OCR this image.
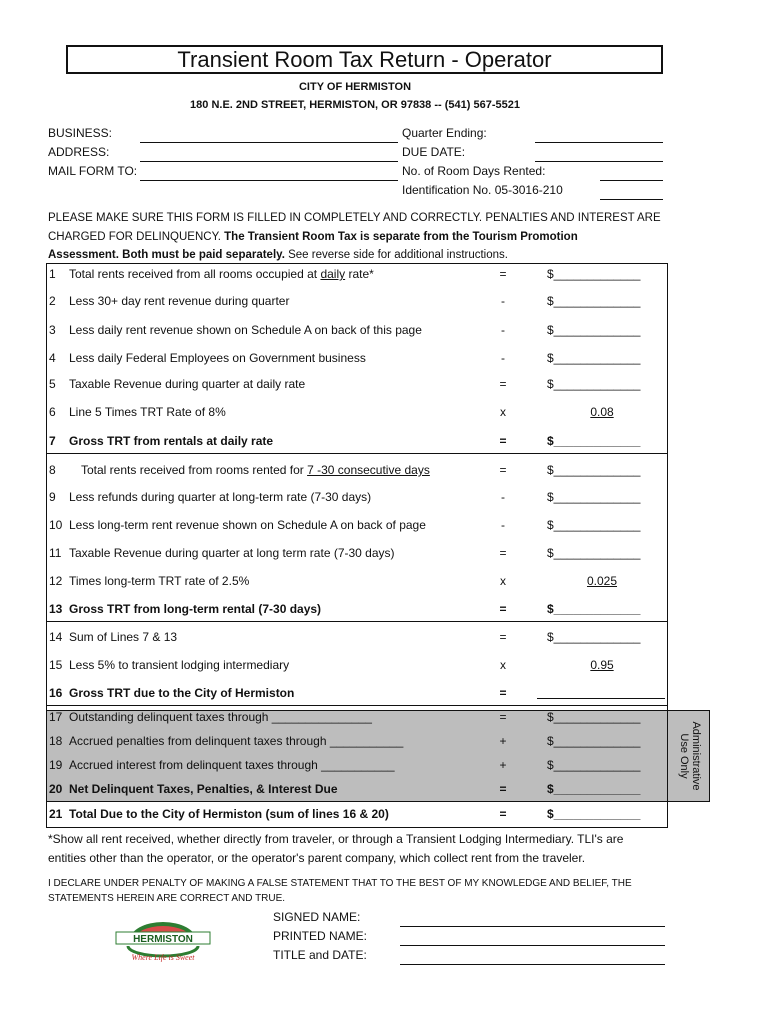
Transient Room Tax Return - Operator
CITY OF HERMISTON
180 N.E. 2ND STREET, HERMISTON, OR 97838 -- (541) 567-5521
BUSINESS:
ADDRESS:
MAIL FORM TO:
Quarter Ending:
DUE DATE:
No. of Room Days Rented:
Identification No. 05-3016-210
PLEASE MAKE SURE THIS FORM IS FILLED IN COMPLETELY AND CORRECTLY. PENALTIES AND INTEREST ARE
CHARGED FOR DELINQUENCY. The Transient Room Tax is separate from the Tourism Promotion
Assessment. Both must be paid separately. See reverse side for additional instructions.
Administrative Use Only
1 Total rents received from all rooms occupied at daily rate*	=	$_____________
2 Less 30+ day rent revenue during quarter	-	$_____________
3 Less daily rent revenue shown on Schedule A on back of this page	-	$_____________
4 Less daily Federal Employees on Government business	-	$_____________
5 Taxable Revenue during quarter at daily rate	=	$_____________
6 Line 5 Times TRT Rate of 8%	x	0.08
7 Gross TRT from rentals at daily rate	=	$_____________
8 Total rents received from rooms rented for 7 -30 consecutive days	=	$_____________
9 Less refunds during quarter at long-term rate (7-30 days)	-	$_____________
10 Less long-term rent revenue shown on Schedule A on back of page	-	$_____________
11 Taxable Revenue during quarter at long term rate (7-30 days)	=	$_____________
12 Times long-term TRT rate of 2.5%	x	0.025
13 Gross TRT from long-term rental (7-30 days)	=	$_____________
14 Sum of Lines 7 & 13	=	$_____________
15 Less 5% to transient lodging intermediary	x	0.95
16 Gross TRT due to the City of Hermiston	=
17 Outstanding delinquent taxes through _______________	=	$_____________
18 Accrued penalties from delinquent taxes through ___________	+	$_____________
19 Accrued interest from delinquent taxes through ___________	+	$_____________
20 Net Delinquent Taxes, Penalties, & Interest Due	=	$_____________
21 Total Due to the City of Hermiston (sum of lines 16 & 20)	=	$_____________
*Show all rent received, whether directly from traveler, or through a Transient Lodging Intermediary. TLI's are
entities other than the operator, or the operator's parent company, which collect rent from the traveler.
I DECLARE UNDER PENALTY OF MAKING A FALSE STATEMENT THAT TO THE BEST OF MY KNOWLEDGE AND BELIEF, THE
STATEMENTS HEREIN ARE CORRECT AND TRUE.
HERMISTON
Where Life is Sweet
SIGNED NAME:
PRINTED NAME:
TITLE and DATE:
